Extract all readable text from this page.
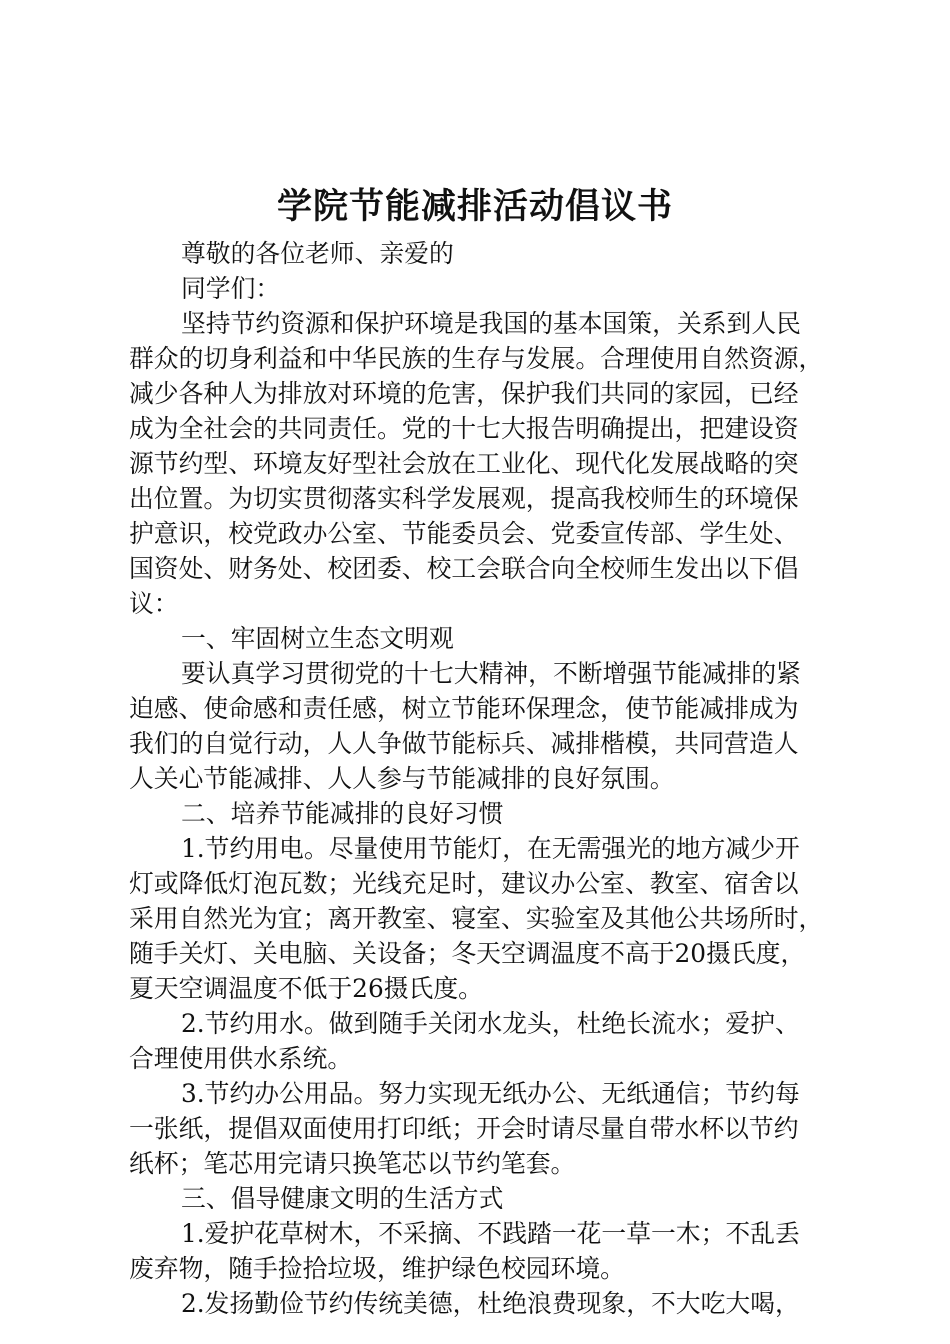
学院节能减排活动倡议书
尊敬的各位老师、亲爱的
同学们：
坚持节约资源和保护环境是我国的基本国策，关系到人民
群众的切身利益和中华民族的生存与发展。合理使用自然资源，
减少各种人为排放对环境的危害，保护我们共同的家园，已经
成为全社会的共同责任。党的十七大报告明确提出，把建设资
源节约型、环境友好型社会放在工业化、现代化发展战略的突
出位置。为切实贯彻落实科学发展观，提高我校师生的环境保
护意识，校党政办公室、节能委员会、党委宣传部、学生处、
国资处、财务处、校团委、校工会联合向全校师生发出以下倡
议：
一、牢固树立生态文明观
要认真学习贯彻党的十七大精神，不断增强节能减排的紧
迫感、使命感和责任感，树立节能环保理念，使节能减排成为
我们的自觉行动，人人争做节能标兵、减排楷模，共同营造人
人关心节能减排、人人参与节能减排的良好氛围。
二、培养节能减排的良好习惯
1.节约用电。尽量使用节能灯，在无需强光的地方减少开
灯或降低灯泡瓦数；光线充足时，建议办公室、教室、宿舍以
采用自然光为宜；离开教室、寝室、实验室及其他公共场所时，
随手关灯、关电脑、关设备；冬天空调温度不高于20摄氏度，
夏天空调温度不低于26摄氏度。
2.节约用水。做到随手关闭水龙头，杜绝长流水；爱护、
合理使用供水系统。
3.节约办公用品。努力实现无纸办公、无纸通信；节约每
一张纸，提倡双面使用打印纸；开会时请尽量自带水杯以节约
纸杯；笔芯用完请只换笔芯以节约笔套。
三、倡导健康文明的生活方式
1.爱护花草树木，不采摘、不践踏一花一草一木；不乱丢
废弃物，随手捡拾垃圾，维护绿色校园环境。
2.发扬勤俭节约传统美德，杜绝浪费现象，不大吃大喝，
